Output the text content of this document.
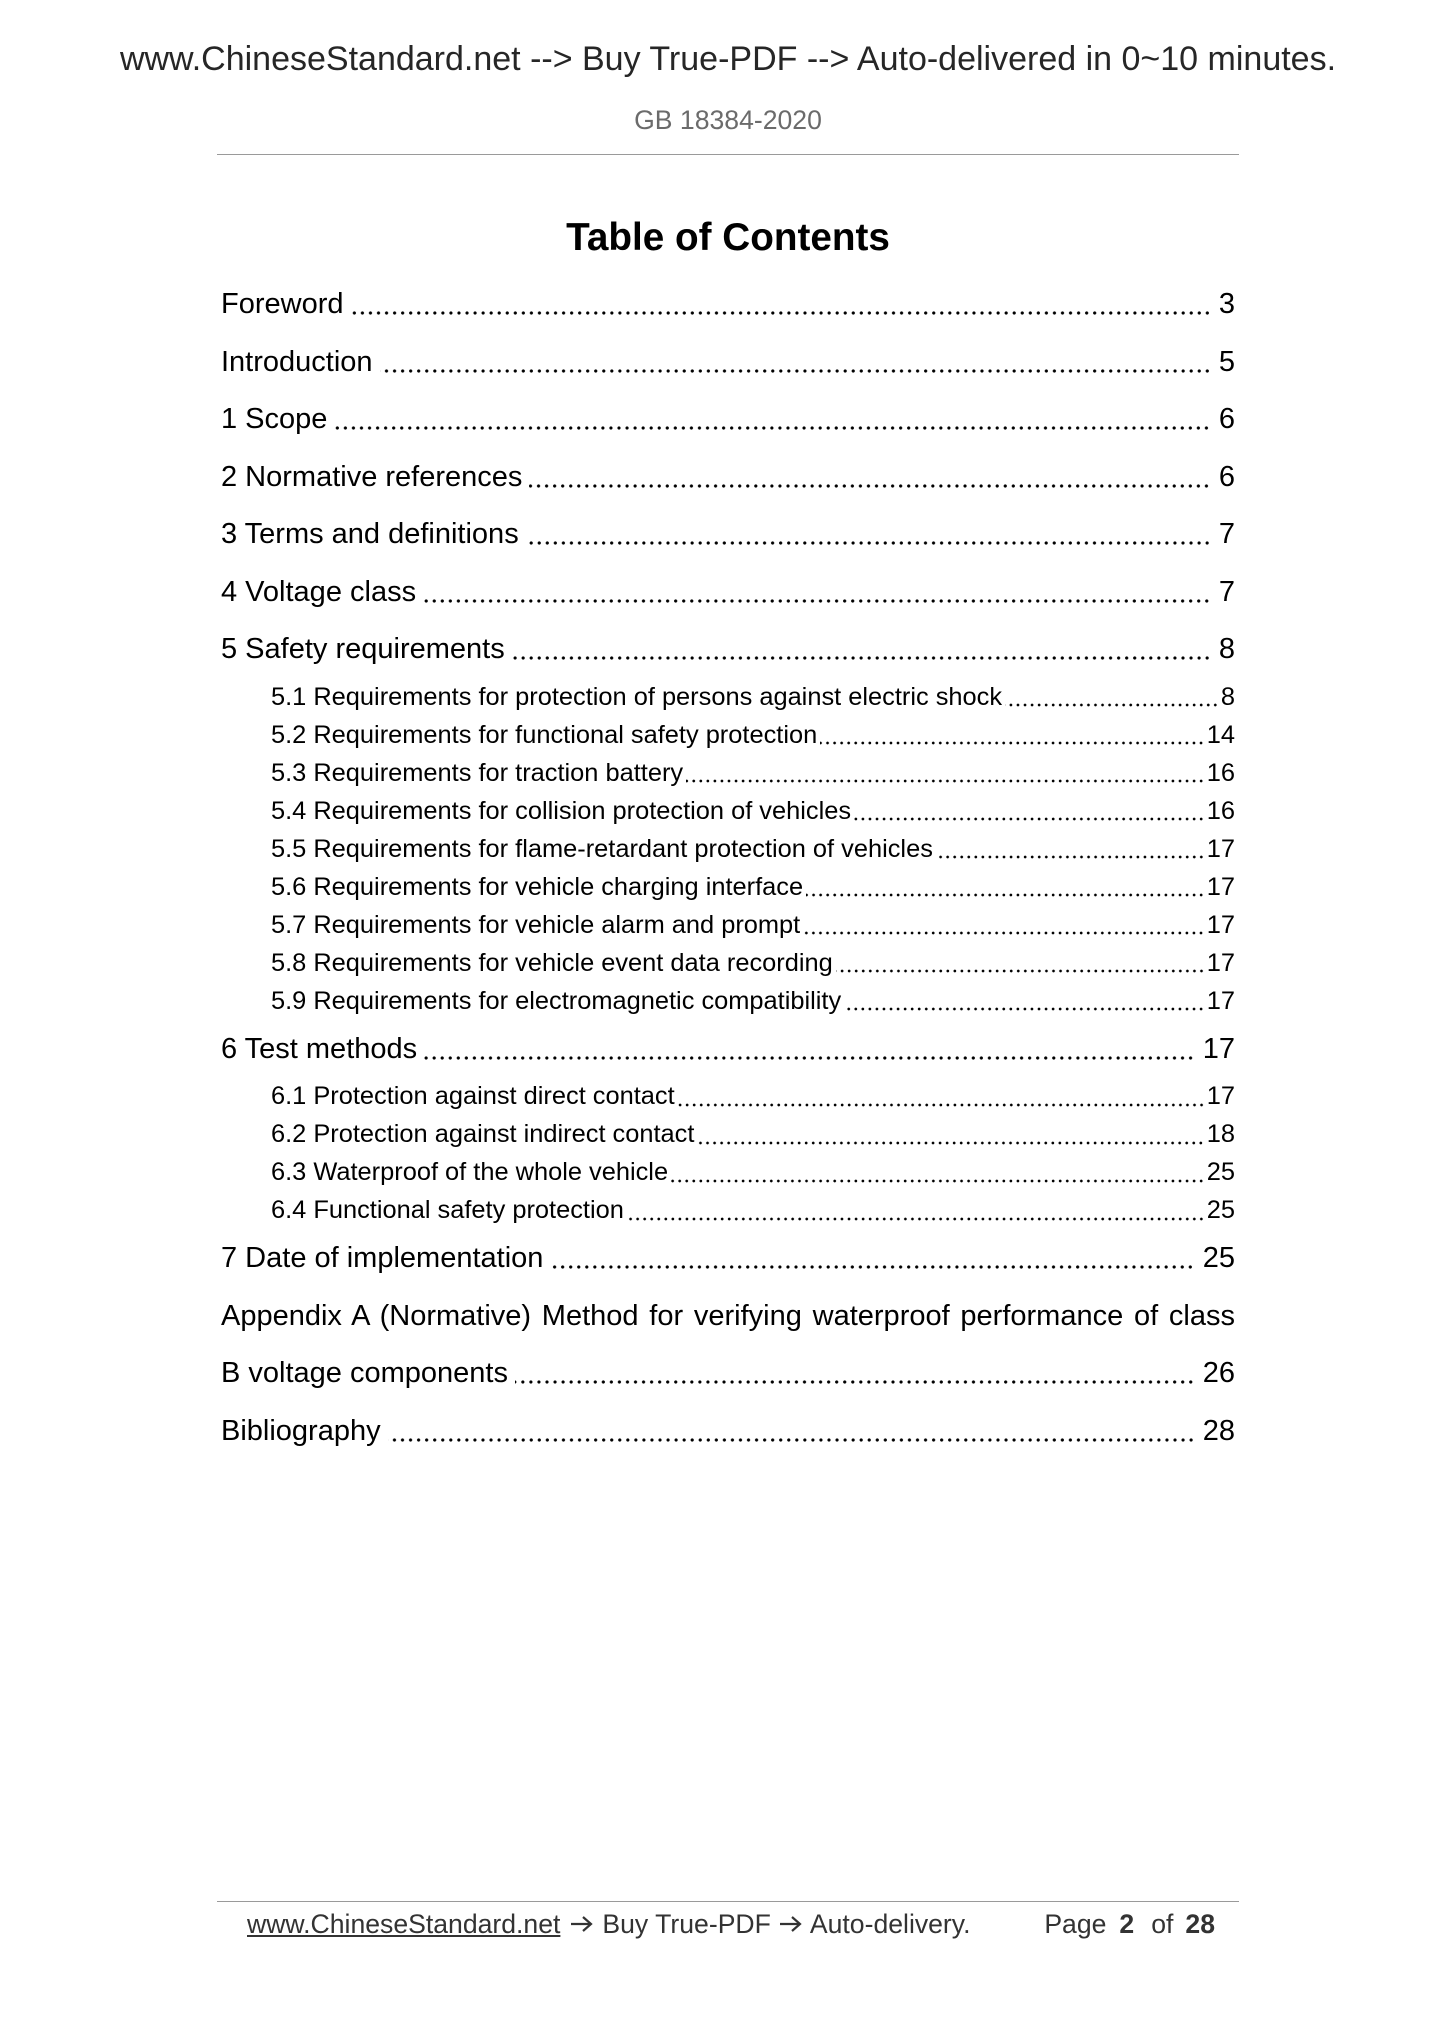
www.ChineseStandard.net --> Buy True-PDF --> Auto-delivered in 0~10 minutes.
GB 18384-2020
Table of Contents
Foreword	3
Introduction	5
1 Scope	6
2 Normative references	6
3 Terms and definitions	7
4 Voltage class	7
5 Safety requirements	8
5.1 Requirements for protection of persons against electric shock	8
5.2 Requirements for functional safety protection	14
5.3 Requirements for traction battery	16
5.4 Requirements for collision protection of vehicles	16
5.5 Requirements for flame-retardant protection of vehicles	17
5.6 Requirements for vehicle charging interface	17
5.7 Requirements for vehicle alarm and prompt	17
5.8 Requirements for vehicle event data recording	17
5.9 Requirements for electromagnetic compatibility	17
6 Test methods	17
6.1 Protection against direct contact	17
6.2 Protection against indirect contact	18
6.3 Waterproof of the whole vehicle	25
6.4 Functional safety protection	25
7 Date of implementation	25
Appendix A (Normative) Method for verifying waterproof performance of class
B voltage components	26
Bibliography	28
www.ChineseStandard.net Buy True-PDF Auto-delivery.	Page 2 of 28
